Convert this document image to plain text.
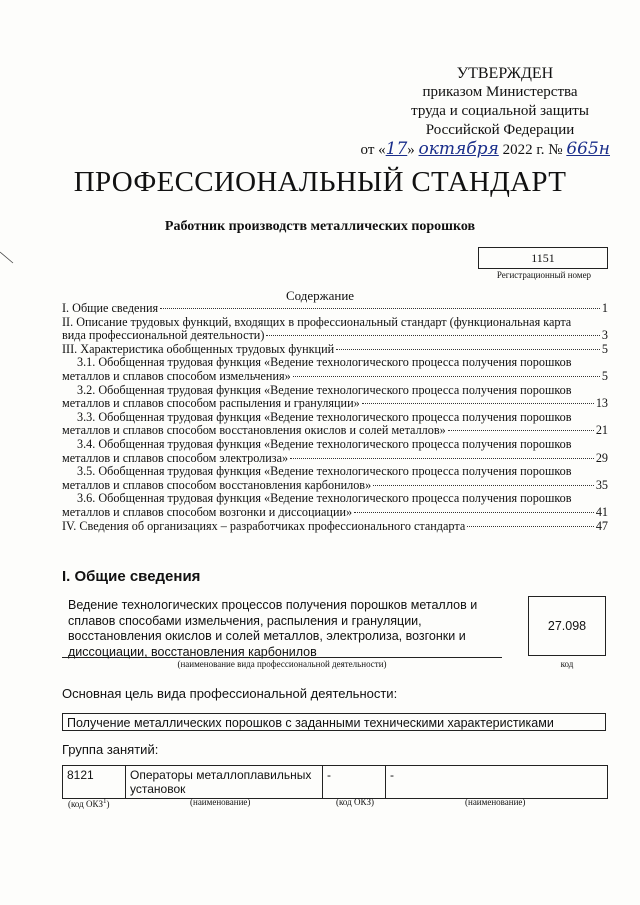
УТВЕРЖДЕН
приказом Министерства
труда и социальной защиты
Российской Федерации
от «17» октября 2022 г. № 665н
ПРОФЕССИОНАЛЬНЫЙ СТАНДАРТ
Работник производств металлических порошков
1151
Регистрационный номер
Содержание
I. Общие сведения	1
II. Описание трудовых функций, входящих в профессиональный стандарт (функциональная карта
вида профессиональной деятельности)	3
III. Характеристика обобщенных трудовых функций	5
3.1. Обобщенная трудовая функция «Ведение технологического процесса получения порошков
металлов и сплавов способом измельчения»	5
3.2. Обобщенная трудовая функция «Ведение технологического процесса получения порошков
металлов и сплавов способом распыления и грануляции»	13
3.3. Обобщенная трудовая функция «Ведение технологического процесса получения порошков
металлов и сплавов способом восстановления окислов и солей металлов»	21
3.4. Обобщенная трудовая функция «Ведение технологического процесса получения порошков
металлов и сплавов способом электролиза»	29
3.5. Обобщенная трудовая функция «Ведение технологического процесса получения порошков
металлов и сплавов способом восстановления карбонилов»	35
3.6. Обобщенная трудовая функция «Ведение технологического процесса получения порошков
металлов и сплавов способом возгонки и диссоциации»	41
IV. Сведения об организациях – разработчиках профессионального стандарта	47
I. Общие сведения
Ведение технологических процессов получения порошков металлов и сплавов способами измельчения, распыления и грануляции, восстановления окислов и солей металлов, электролиза, возгонки и диссоциации, восстановления карбонилов
(наименование вида профессиональной деятельности)
27.098
код
Основная цель вида профессиональной деятельности:
Получение металлических порошков с заданными техническими характеристиками
Группа занятий:
8121	Операторы металлоплавильных установок	-	-
(код ОКЗ$^1$)	(наименование)	(код ОКЗ)	(наименование)
